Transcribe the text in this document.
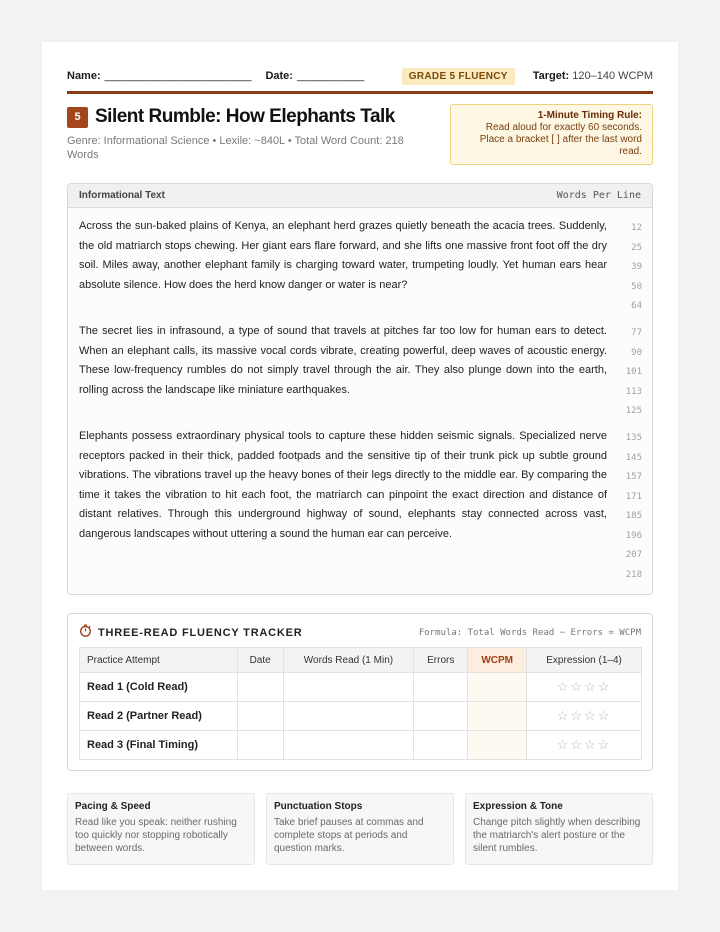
Name: ________________________ Date: ___________	GRADE 5 FLUENCY	Target: 120–140 WCPM
5 Silent Rumble: How Elephants Talk
Genre: Informational Science • Lexile: ~840L • Total Word Count: 218 Words
1-Minute Timing Rule:
Read aloud for exactly 60 seconds.
Place a bracket [ ] after the last word read.
Informational Text	Words Per Line

Across the sun-baked plains of Kenya, an elephant herd grazes quietly beneath the acacia trees. Suddenly, the old matriarch stops chewing. Her giant ears flare forward, and she lifts one massive front foot off the dry soil. Miles away, another elephant family is charging toward water, trumpeting loudly. Yet human ears hear absolute silence. How does the herd know danger or water is near?

The secret lies in infrasound, a type of sound that travels at pitches far too low for human ears to detect. When an elephant calls, its massive vocal cords vibrate, creating powerful, deep waves of acoustic energy. These low-frequency rumbles do not simply travel through the air. They also plunge down into the earth, rolling across the landscape like miniature earthquakes.

Elephants possess extraordinary physical tools to capture these hidden seismic signals. Specialized nerve receptors packed in their thick, padded footpads and the sensitive tip of their trunk pick up subtle ground vibrations. The vibrations travel up the heavy bones of their legs directly to the middle ear. By comparing the time it takes the vibration to hit each foot, the matriarch can pinpoint the exact direction and distance of distant relatives. Through this underground highway of sound, elephants stay connected across vast, dangerous landscapes without uttering a sound the human ear can perceive.

12
25
39
50
64
77
90
101
113
125
135
145
157
171
185
196
207
218
THREE-READ FLUENCY TRACKER	Formula: Total Words Read − Errors = WCPM
Practice Attempt	Date	Words Read (1 Min)	Errors	WCPM	Expression (1–4)
Read 1 (Cold Read)					☆☆☆☆
Read 2 (Partner Read)					☆☆☆☆
Read 3 (Final Timing)					☆☆☆☆
Pacing & Speed
Read like you speak: neither rushing too quickly nor stopping robotically between words.
Punctuation Stops
Take brief pauses at commas and complete stops at periods and question marks.
Expression & Tone
Change pitch slightly when describing the matriarch's alert posture or the silent rumbles.
